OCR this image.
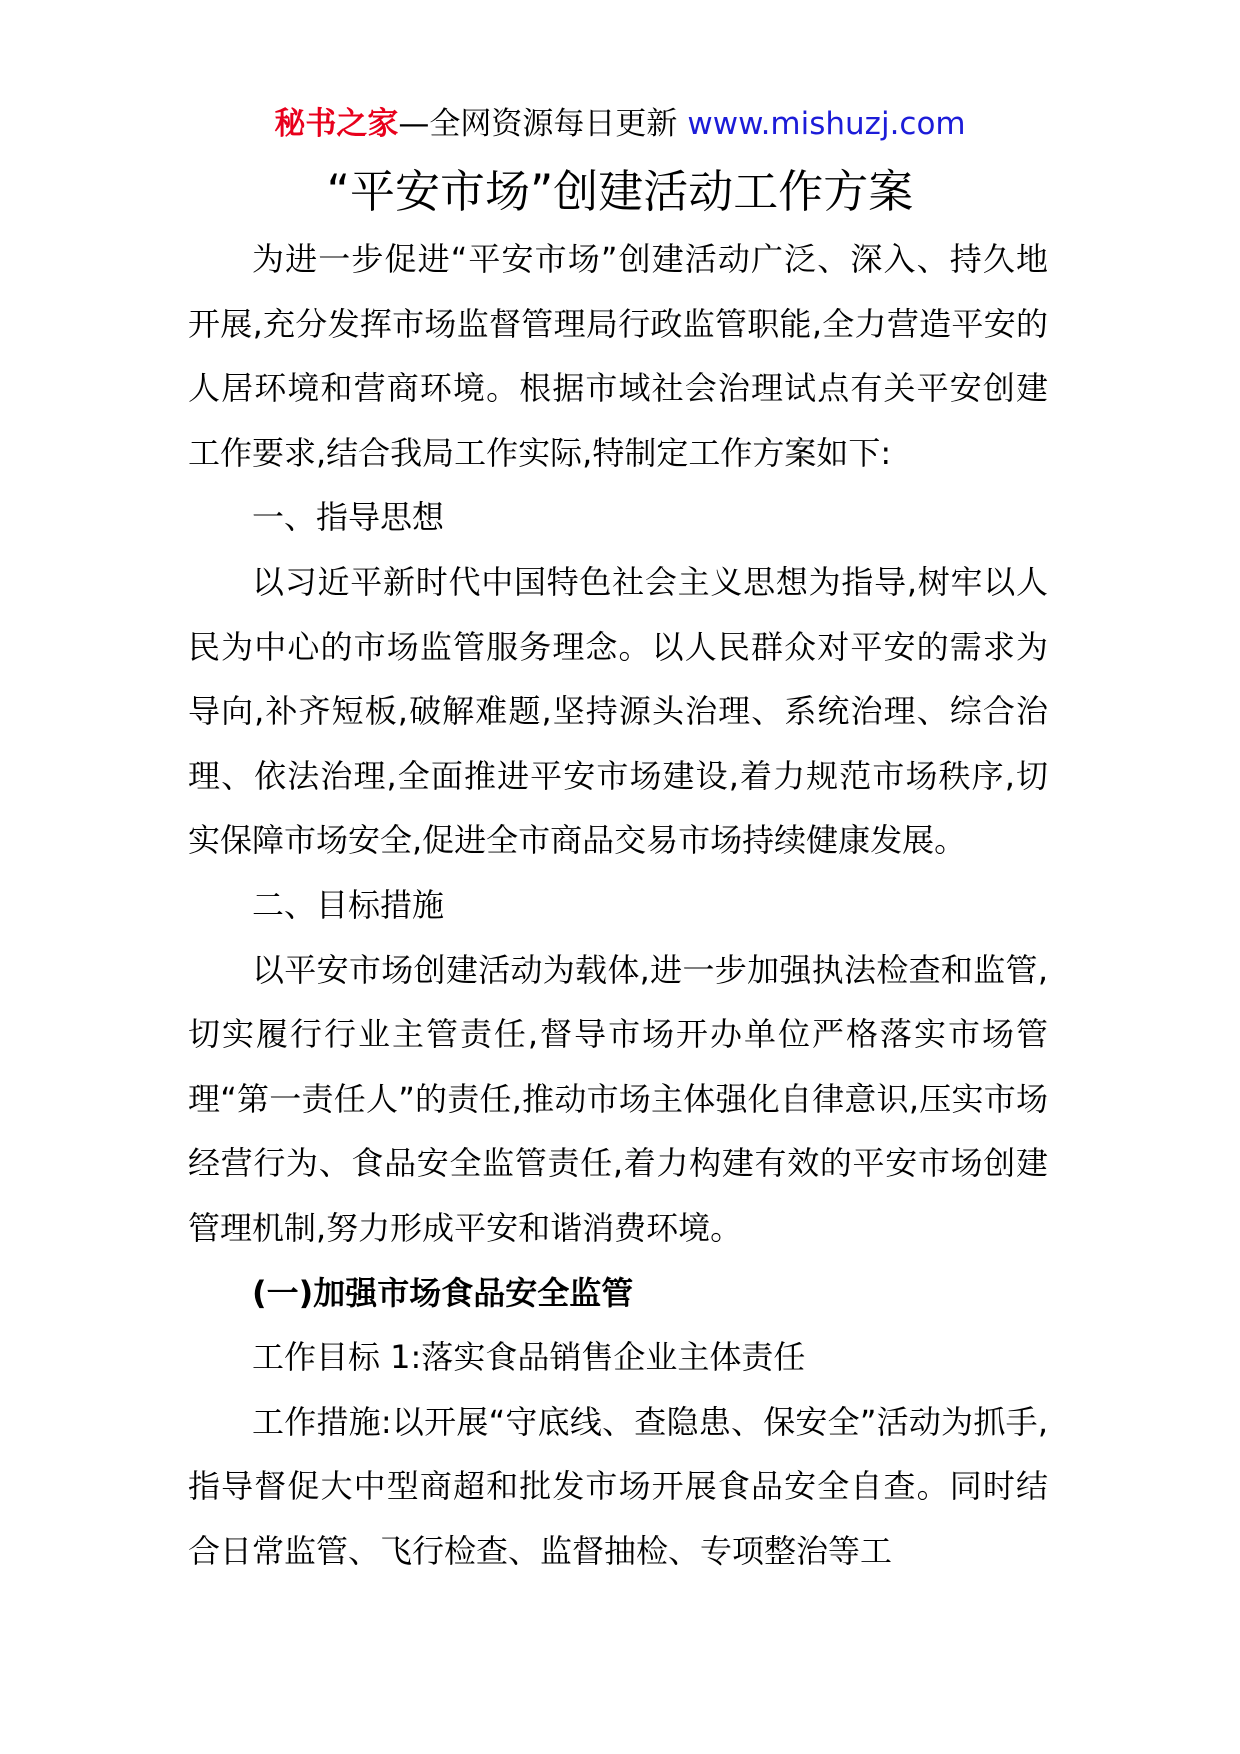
秘书之家—全网资源每日更新 www.mishuzj.com
“平安市场”创建活动工作方案

为进一步促进“平安市场”创建活动广泛、深入、持久地开展,充分发挥市场监督管理局行政监管职能,全力营造平安的人居环境和营商环境。根据市域社会治理试点有关平安创建工作要求,结合我局工作实际,特制定工作方案如下:

一、指导思想

以习近平新时代中国特色社会主义思想为指导,树牢以人民为中心的市场监管服务理念。以人民群众对平安的需求为导向,补齐短板,破解难题,坚持源头治理、系统治理、综合治理、依法治理,全面推进平安市场建设,着力规范市场秩序,切实保障市场安全,促进全市商品交易市场持续健康发展。

二、目标措施

以平安市场创建活动为载体,进一步加强执法检查和监管,切实履行行业主管责任,督导市场开办单位严格落实市场管理“第一责任人”的责任,推动市场主体强化自律意识,压实市场经营行为、食品安全监管责任,着力构建有效的平安市场创建管理机制,努力形成平安和谐消费环境。

(一)加强市场食品安全监管

工作目标 1:落实食品销售企业主体责任

工作措施:以开展“守底线、查隐患、保安全”活动为抓手,指导督促大中型商超和批发市场开展食品安全自查。同时结合日常监管、飞行检查、监督抽检、专项整治等工
